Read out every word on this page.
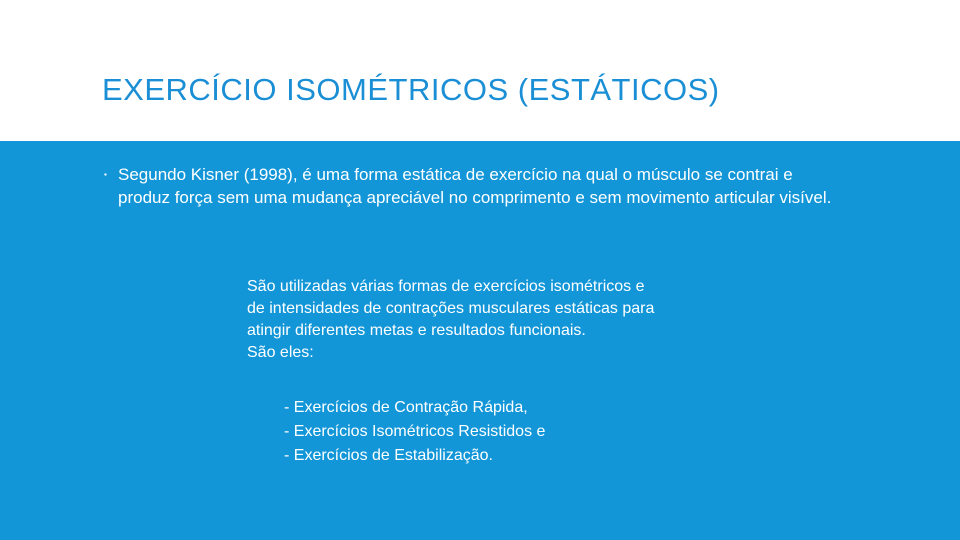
EXERCÍCIO ISOMÉTRICOS (ESTÁTICOS)
▪ Segundo Kisner (1998), é uma forma estática de exercício na qual o músculo se contrai e produz força sem uma mudança apreciável no comprimento e sem movimento articular visível.
São utilizadas várias formas de exercícios isométricos e
de intensidades de contrações musculares estáticas para
atingir diferentes metas e resultados funcionais.
São eles:
- Exercícios de Contração Rápida,
- Exercícios Isométricos Resistidos e
- Exercícios de Estabilização.
